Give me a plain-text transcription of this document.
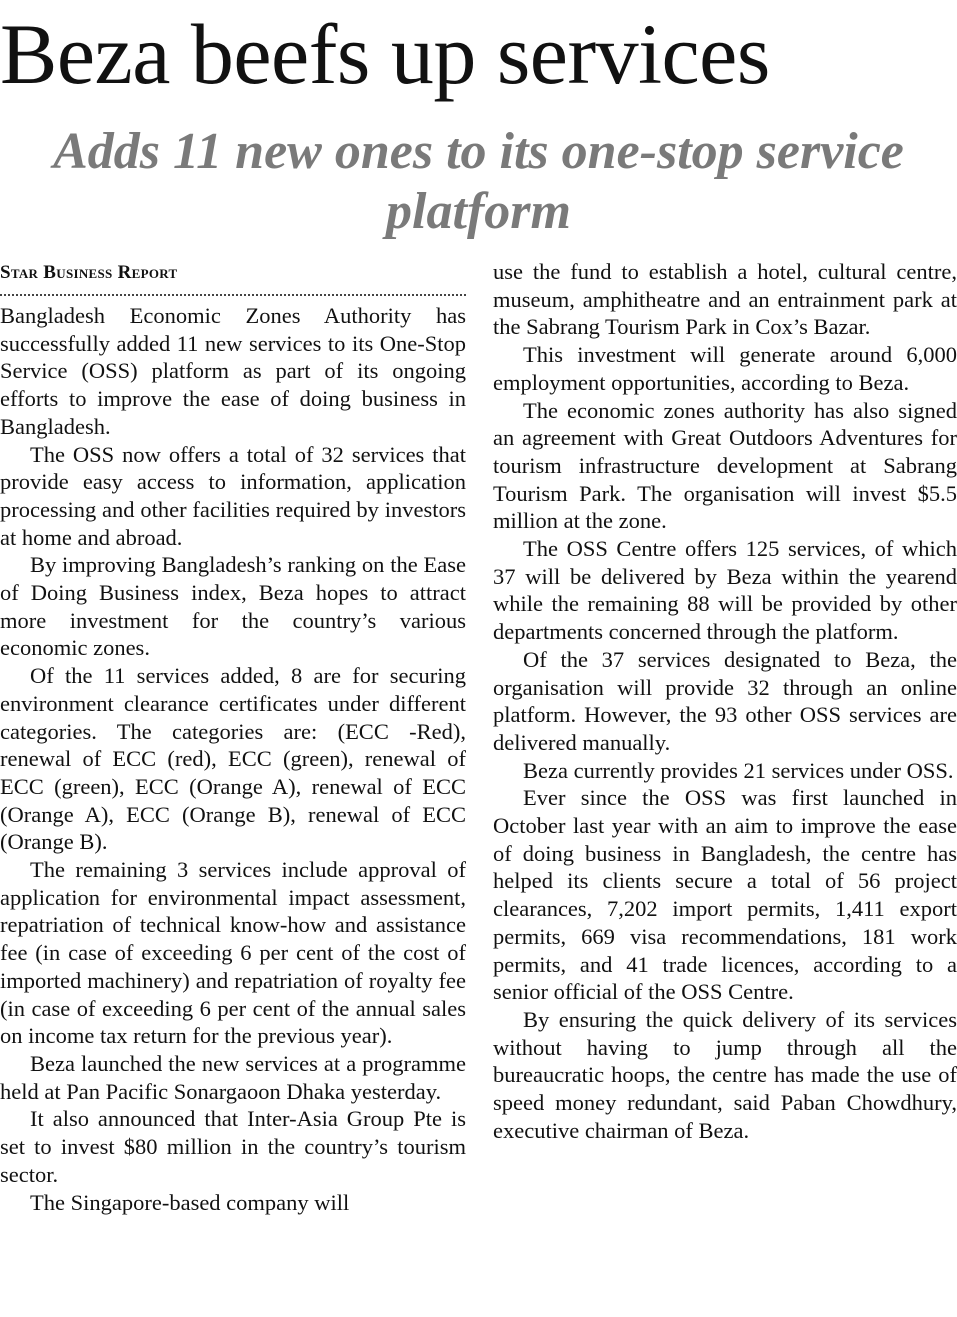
Beza beefs up services
Adds 11 new ones to its one-stop service platform
Star Business Report

Bangladesh Economic Zones Authority has successfully added 11 new services to its One-Stop Service (OSS) platform as part of its ongoing efforts to improve the ease of doing business in Bangladesh.

The OSS now offers a total of 32 services that provide easy access to information, application processing and other facilities required by investors at home and abroad.

By improving Bangladesh’s ranking on the Ease of Doing Business index, Beza hopes to attract more investment for the country’s various economic zones.

Of the 11 services added, 8 are for securing environment clearance certificates under different categories. The categories are: (ECC -Red), renewal of ECC (red), ECC (green), renewal of ECC (green), ECC (Orange A), renewal of ECC (Orange A), ECC (Orange B), renewal of ECC (Orange B).

The remaining 3 services include approval of application for environmental impact assessment, repatriation of technical know-how and assistance fee (in case of exceeding 6 per cent of the cost of imported machinery) and repatriation of royalty fee (in case of exceeding 6 per cent of the annual sales on income tax return for the previous year).

Beza launched the new services at a programme held at Pan Pacific Sonargaoon Dhaka yesterday.

It also announced that Inter-Asia Group Pte is set to invest $80 million in the country’s tourism sector.

The Singapore-based company will

use the fund to establish a hotel, cultural centre, museum, amphitheatre and an entrainment park at the Sabrang Tourism Park in Cox’s Bazar.

This investment will generate around 6,000 employment opportunities, according to Beza.

The economic zones authority has also signed an agreement with Great Outdoors Adventures for tourism infrastructure development at Sabrang Tourism Park. The organisation will invest $5.5 million at the zone.

The OSS Centre offers 125 services, of which 37 will be delivered by Beza within the yearend while the remaining 88 will be provided by other departments concerned through the platform.

Of the 37 services designated to Beza, the organisation will provide 32 through an online platform. However, the 93 other OSS services are delivered manually.

Beza currently provides 21 services under OSS.

Ever since the OSS was first launched in October last year with an aim to improve the ease of doing business in Bangladesh, the centre has helped its clients secure a total of 56 project clearances, 7,202 import permits, 1,411 export permits, 669 visa recommendations, 181 work permits, and 41 trade licences, according to a senior official of the OSS Centre.

By ensuring the quick delivery of its services without having to jump through all the bureaucratic hoops, the centre has made the use of speed money redundant, said Paban Chowdhury, executive chairman of Beza.
